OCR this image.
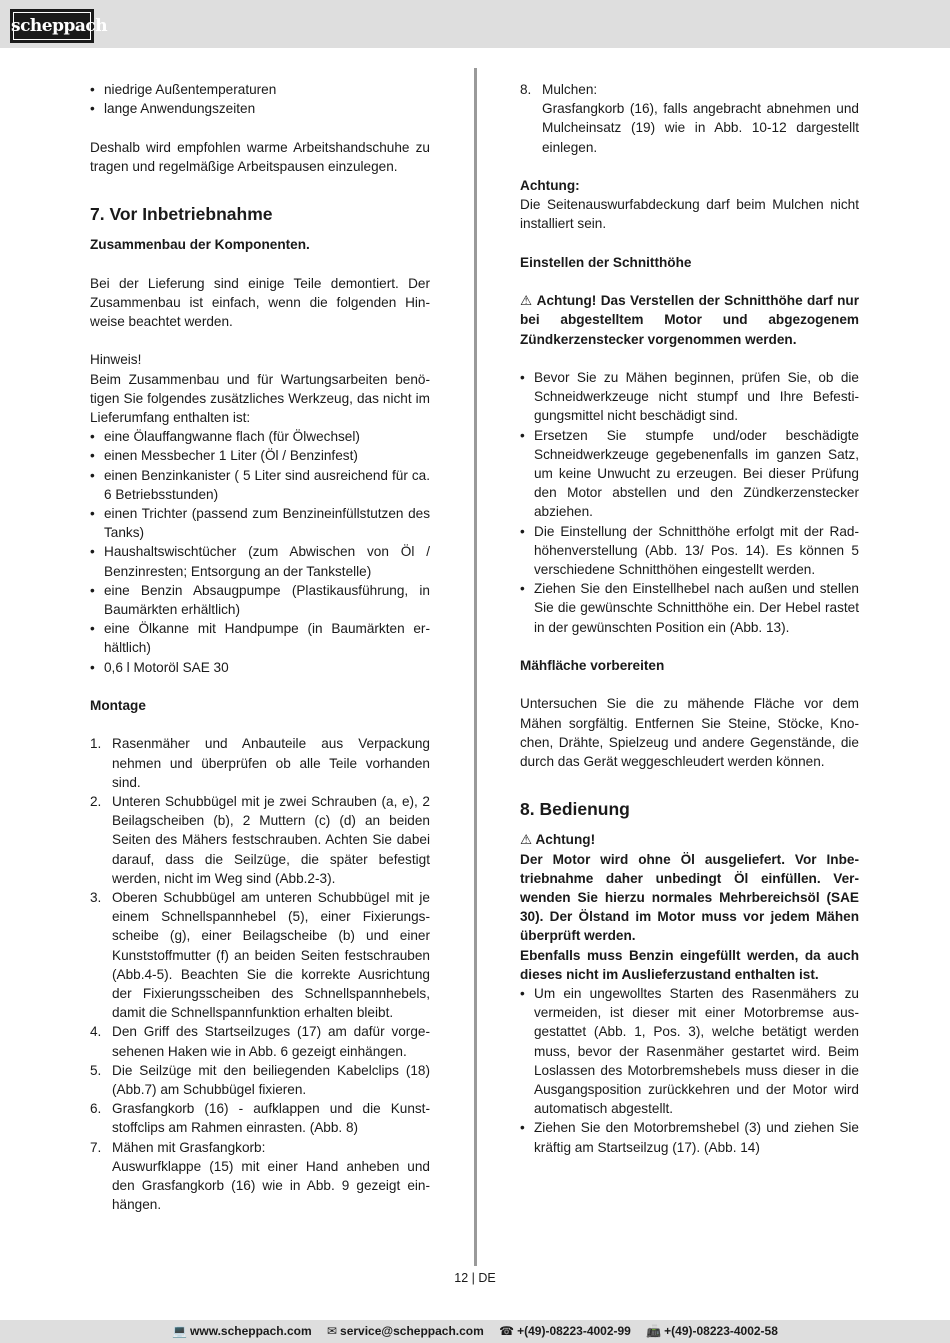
scheppach
• niedrige Außentemperaturen
• lange Anwendungszeiten

Deshalb wird empfohlen warme Arbeitshandschuhe zu tragen und regelmäßige Arbeitspausen einzulegen.

7. Vor Inbetriebnahme
Zusammenbau der Komponenten.

Bei der Lieferung sind einige Teile demontiert. Der Zusammenbau ist einfach, wenn die folgenden Hinweise beachtet werden.

Hinweis!

Beim Zusammenbau und für Wartungsarbeiten benötigen Sie folgendes zusätzliches Werkzeug, das nicht im Lieferumfang enthalten ist:

• eine Ölauffangwanne flach (für Ölwechsel)
• einen Messbecher 1 Liter (Öl / Benzinfest)
• einen Benzinkanister ( 5 Liter sind ausreichend für ca. 6 Betriebsstunden)
• einen Trichter (passend zum Benzineinfüllstutzen des Tanks)
• Haushaltswischtücher (zum Abwischen von Öl / Benzinresten; Entsorgung an der Tankstelle)
• eine Benzin Absaugpumpe (Plastikausführung, in Baumärkten erhältlich)
• eine Ölkanne mit Handpumpe (in Baumärkten erhältlich)
• 0,6 l Motoröl SAE 30
Montage
1. Rasenmäher und Anbauteile aus Verpackung nehmen und überprüfen ob alle Teile vorhanden sind.
2. Unteren Schubbügel mit je zwei Schrauben (a, e), 2 Beilagscheiben (b), 2 Muttern (c) (d) an beiden Seiten des Mähers festschrauben. Achten Sie dabei darauf, dass die Seilzüge, die später befestigt werden, nicht im Weg sind (Abb.2-3).
3. Oberen Schubbügel am unteren Schubbügel mit je einem Schnellspannhebel (5), einer Fixierungsscheibe (g), einer Beilagscheibe (b) und einer Kunststoffmutter (f) an beiden Seiten festschrauben (Abb.4-5). Beachten Sie die korrekte Ausrichtung der Fixierungsscheiben des Schnellspannhebels, damit die Schnellspannfunktion erhalten bleibt.
4. Den Griff des Startseilzuges (17) am dafür vorgesehenen Haken wie in Abb. 6 gezeigt einhängen.
5. Die Seilzüge mit den beiliegenden Kabelclips (18) (Abb.7) am Schubbügel fixieren.
6. Grasfangkorb (16) - aufklappen und die Kunststoffclips am Rahmen einrasten. (Abb. 8)
7. Mähen mit Grasfangkorb:
Auswurfklappe (15) mit einer Hand anheben und den Grasfangkorb (16) wie in Abb. 9 gezeigt einhängen.
8. Mulchen:
Grasfangkorb (16), falls angebracht abnehmen und Mulcheinsatz (19) wie in Abb. 10-12 dargestellt einlegen.
Achtung:

Die Seitenauswurfabdeckung darf beim Mulchen nicht installiert sein.

Einstellen der Schnitthöhe

⚠ Achtung! Das Verstellen der Schnitthöhe darf nur bei abgestelltem Motor und abgezogenem Zündkerzenstecker vorgenommen werden.

• Bevor Sie zu Mähen beginnen, prüfen Sie, ob die Schneidwerkzeuge nicht stumpf und Ihre Befestigungsmittel nicht beschädigt sind.
• Ersetzen Sie stumpfe und/oder beschädigte Schneidwerkzeuge gegebenenfalls im ganzen Satz, um keine Unwucht zu erzeugen. Bei dieser Prüfung den Motor abstellen und den Zündkerzenstecker abziehen.
• Die Einstellung der Schnitthöhe erfolgt mit der Radhöhenverstellung (Abb. 13/ Pos. 14). Es können 5 verschiedene Schnitthöhen eingestellt werden.
• Ziehen Sie den Einstellhebel nach außen und stellen Sie die gewünschte Schnitthöhe ein. Der Hebel rastet in der gewünschten Position ein (Abb. 13).
Mähfläche vorbereiten

Untersuchen Sie die zu mähende Fläche vor dem Mähen sorgfältig. Entfernen Sie Steine, Stöcke, Knochen, Drähte, Spielzeug und andere Gegenstände, die durch das Gerät weggeschleudert werden können.

8. Bedienung
⚠ Achtung!

Der Motor wird ohne Öl ausgeliefert. Vor Inbetriebnahme daher unbedingt Öl einfüllen. Verwenden Sie hierzu normales Mehrbereichsöl (SAE 30). Der Ölstand im Motor muss vor jedem Mähen überprüft werden.

Ebenfalls muss Benzin eingefüllt werden, da auch dieses nicht im Auslieferzustand enthalten ist.

• Um ein ungewolltes Starten des Rasenmähers zu vermeiden, ist dieser mit einer Motorbremse ausgestattet (Abb. 1, Pos. 3), welche betätigt werden muss, bevor der Rasenmäher gestartet wird. Beim Loslassen des Motorbremshebels muss dieser in die Ausgangsposition zurückkehren und der Motor wird automatisch abgestellt.
• Ziehen Sie den Motorbremshebel (3) und ziehen Sie kräftig am Startseilzug (17). (Abb. 14)
12 | DE
💻 www.scheppach.com ✉ service@scheppach.com ☎ +(49)-08223-4002-99 📠 +(49)-08223-4002-58
